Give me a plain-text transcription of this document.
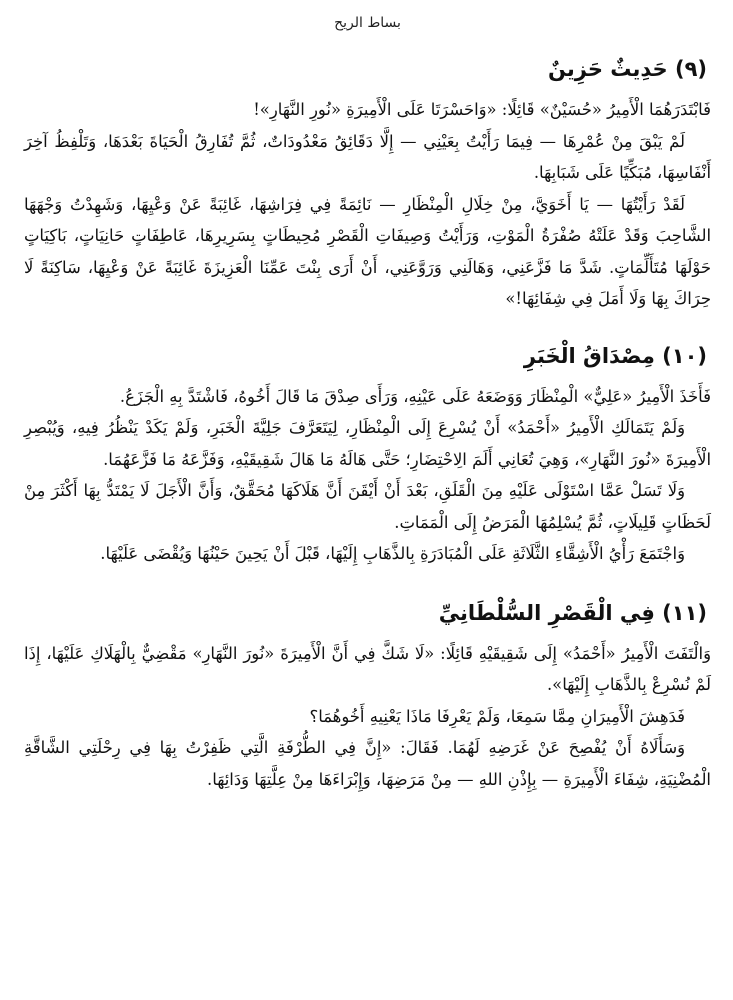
بساط الريح
(٩) حَدِيثٌ حَزِينٌ

فَابْتَدَرَهُمَا الْأَمِيرُ «حُسَيْنٌ» قَائِلًا: «وَاحَسْرَتَا عَلَى الْأَمِيرَةِ «نُورِ النَّهَارِ»!

لَمْ يَبْقَ مِنْ عُمْرِهَا — فِيمَا رَأَيْتُ بِعَيْنِي — إِلَّا دَقَائِقُ مَعْدُودَاتٌ، ثُمَّ تُفَارِقُ الْحَيَاةَ بَعْدَهَا، وَتَلْفِظُ آخِرَ أَنْفَاسِهَا، مُبَكِّيًا عَلَى شَبَابِهَا.

لَقَدْ رَأَيْتُهَا — يَا أَخَوَيَّ، مِنْ خِلَالِ الْمِنْظَارِ — نَائِمَةً فِي فِرَاشِهَا، غَائِبَةً عَنْ وَعْيِهَا، وَشَهِدْتُ وَجْهَهَا الشَّاحِبَ وَقَدْ عَلَتْهُ صُفْرَةُ الْمَوْتِ، وَرَأَيْتُ وَصِيفَاتِ الْقَصْرِ مُحِيطَاتٍ بِسَرِيرِهَا، عَاطِفَاتٍ حَانِيَاتٍ، بَاكِيَاتٍ حَوْلَهَا مُتَأَلِّمَاتٍ. شَدَّ مَا فَزَّعَنِي، وَهَالَنِي وَرَوَّعَنِي، أَنْ أَرَى بِنْتَ عَمِّنَا الْعَزِيزَةَ غَائِبَةً عَنْ وَعْيِهَا، سَاكِنَةً لَا حِرَاكَ بِهَا وَلَا أَمَلَ فِي شِفَائِهَا!»

(١٠) مِصْدَاقُ الْخَبَرِ

فَأَخَذَ الْأَمِيرُ «عَلِيٌّ» الْمِنْظَارَ وَوَضَعَهُ عَلَى عَيْنِهِ، وَرَأَى صِدْقَ مَا قَالَ أَخُوهُ، فَاشْتَدَّ بِهِ الْجَزَعُ.

وَلَمْ يَتَمَالَكِ الْأَمِيرُ «أَحْمَدُ» أَنْ يُسْرِعَ إِلَى الْمِنْظَارِ، لِيَتَعَرَّفَ جَلِيَّةَ الْخَبَرِ، وَلَمْ يَكَدْ يَنْظُرُ فِيهِ، وَيُبْصِرِ الْأَمِيرَةَ «نُورَ النَّهَارِ»، وَهِيَ تُعَانِي أَلَمَ الِاحْتِضَارِ؛ حَتَّى هَالَهُ مَا هَالَ شَقِيقَيْهِ، وَفَزَّعَهُ مَا فَزَّعَهُمَا.

وَلَا تَسَلْ عَمَّا اسْتَوْلَى عَلَيْهِ مِنَ الْقَلَقِ، بَعْدَ أَنْ أَيْقَنَ أَنَّ هَلَاكَهَا مُحَقَّقٌ، وَأَنَّ الْأَجَلَ لَا يَمْتَدُّ بِهَا أَكْثَرَ مِنْ لَحَظَاتٍ قَلِيلَاتٍ، ثُمَّ يُسْلِمُهَا الْمَرَضُ إِلَى الْمَمَاتِ.

وَاجْتَمَعَ رَأْيُ الْأَشِقَّاءِ الثَّلَاثَةِ عَلَى الْمُبَادَرَةِ بِالذَّهَابِ إِلَيْهَا، قَبْلَ أَنْ يَحِينَ حَيْنُهَا وَيُقْضَى عَلَيْهَا.

(١١) فِي الْقَصْرِ السُّلْطَانِيِّ

وَالْتَفَتَ الْأَمِيرُ «أَحْمَدُ» إِلَى شَقِيقَيْهِ قَائِلًا: «لَا شَكَّ فِي أَنَّ الْأَمِيرَةَ «نُورَ النَّهَارِ» مَقْضِيٌّ بِالْهَلَاكِ عَلَيْهَا، إِذَا لَمْ نُسْرِعْ بِالذَّهَابِ إِلَيْهَا».

فَدَهِشَ الْأَمِيرَانِ مِمَّا سَمِعَا، وَلَمْ يَعْرِفَا مَاذَا يَعْنِيهِ أَخُوهُمَا؟

وَسَأَلَاهُ أَنْ يُفْصِحَ عَنْ غَرَضِهِ لَهُمَا. فَقَالَ: «إِنَّ فِي الطُّرْفَةِ الَّتِي ظَفِرْتُ بِهَا فِي رِحْلَتِي الشَّاقَّةِ الْمُضْنِيَةِ، شِفَاءَ الْأَمِيرَةِ — بِإِذْنِ اللهِ — مِنْ مَرَضِهَا، وَإِبْرَاءَهَا مِنْ عِلَّتِهَا وَدَائِهَا.
